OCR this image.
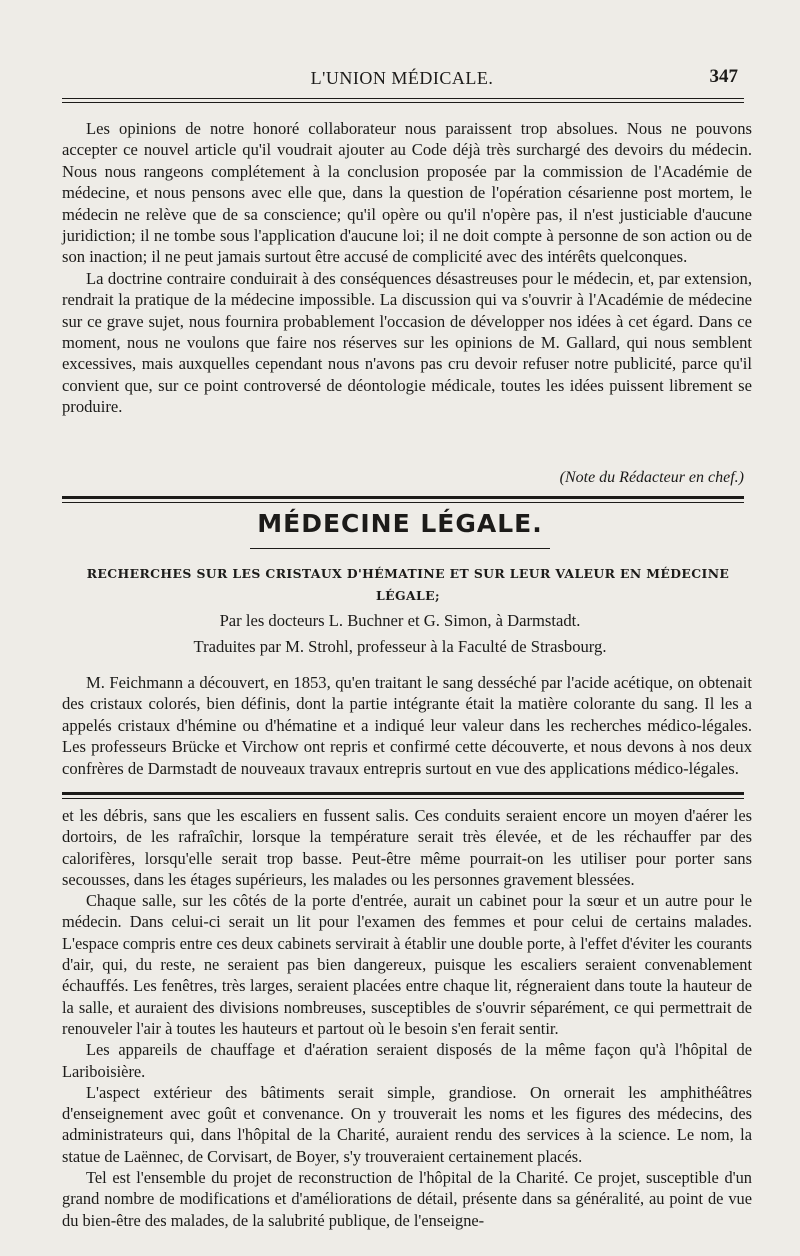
L'UNION MÉDICALE.	347

Les opinions de notre honoré collaborateur nous paraissent trop absolues. Nous ne pouvons accepter ce nouvel article qu'il voudrait ajouter au Code déjà très surchargé des devoirs du médecin. Nous nous rangeons complétement à la conclusion proposée par la commission de l'Académie de médecine, et nous pensons avec elle que, dans la question de l'opération césarienne post mortem, le médecin ne relève que de sa conscience; qu'il opère ou qu'il n'opère pas, il n'est justiciable d'aucune juridiction; il ne tombe sous l'application d'aucune loi; il ne doit compte à personne de son action ou de son inaction; il ne peut jamais surtout être accusé de complicité avec des intérêts quelconques.

La doctrine contraire conduirait à des conséquences désastreuses pour le médecin, et, par extension, rendrait la pratique de la médecine impossible. La discussion qui va s'ouvrir à l'Académie de médecine sur ce grave sujet, nous fournira probablement l'occasion de développer nos idées à cet égard. Dans ce moment, nous ne voulons que faire nos réserves sur les opinions de M. Gallard, qui nous semblent excessives, mais auxquelles cependant nous n'avons pas cru devoir refuser notre publicité, parce qu'il convient que, sur ce point controversé de déontologie médicale, toutes les idées puissent librement se produire.

(Note du Rédacteur en chef.)
MÉDECINE LÉGALE.
RECHERCHES SUR LES CRISTAUX D'HÉMATINE ET SUR LEUR VALEUR EN MÉDECINE LÉGALE;
Par les docteurs L. Buchner et G. Simon, à Darmstadt.
Traduites par M. Strohl, professeur à la Faculté de Strasbourg.

M. Feichmann a découvert, en 1853, qu'en traitant le sang desséché par l'acide acétique, on obtenait des cristaux colorés, bien définis, dont la partie intégrante était la matière colorante du sang. Il les a appelés cristaux d'hémine ou d'hématine et a indiqué leur valeur dans les recherches médico-légales. Les professeurs Brücke et Virchow ont repris et confirmé cette découverte, et nous devons à nos deux confrères de Darmstadt de nouveaux travaux entrepris surtout en vue des applications médico-légales.

et les débris, sans que les escaliers en fussent salis. Ces conduits seraient encore un moyen d'aérer les dortoirs, de les rafraîchir, lorsque la température serait très élevée, et de les réchauffer par des calorifères, lorsqu'elle serait trop basse. Peut-être même pourrait-on les utiliser pour porter sans secousses, dans les étages supérieurs, les malades ou les personnes gravement blessées.

Chaque salle, sur les côtés de la porte d'entrée, aurait un cabinet pour la sœur et un autre pour le médecin. Dans celui-ci serait un lit pour l'examen des femmes et pour celui de certains malades. L'espace compris entre ces deux cabinets servirait à établir une double porte, à l'effet d'éviter les courants d'air, qui, du reste, ne seraient pas bien dangereux, puisque les escaliers seraient convenablement échauffés. Les fenêtres, très larges, seraient placées entre chaque lit, régneraient dans toute la hauteur de la salle, et auraient des divisions nombreuses, susceptibles de s'ouvrir séparément, ce qui permettrait de renouveler l'air à toutes les hauteurs et partout où le besoin s'en ferait sentir.

Les appareils de chauffage et d'aération seraient disposés de la même façon qu'à l'hôpital de Lariboisière.

L'aspect extérieur des bâtiments serait simple, grandiose. On ornerait les amphithéâtres d'enseignement avec goût et convenance. On y trouverait les noms et les figures des médecins, des administrateurs qui, dans l'hôpital de la Charité, auraient rendu des services à la science. Le nom, la statue de Laënnec, de Corvisart, de Boyer, s'y trouveraient certainement placés.

Tel est l'ensemble du projet de reconstruction de l'hôpital de la Charité. Ce projet, susceptible d'un grand nombre de modifications et d'améliorations de détail, présente dans sa généralité, au point de vue du bien-être des malades, de la salubrité publique, de l'enseigne-
